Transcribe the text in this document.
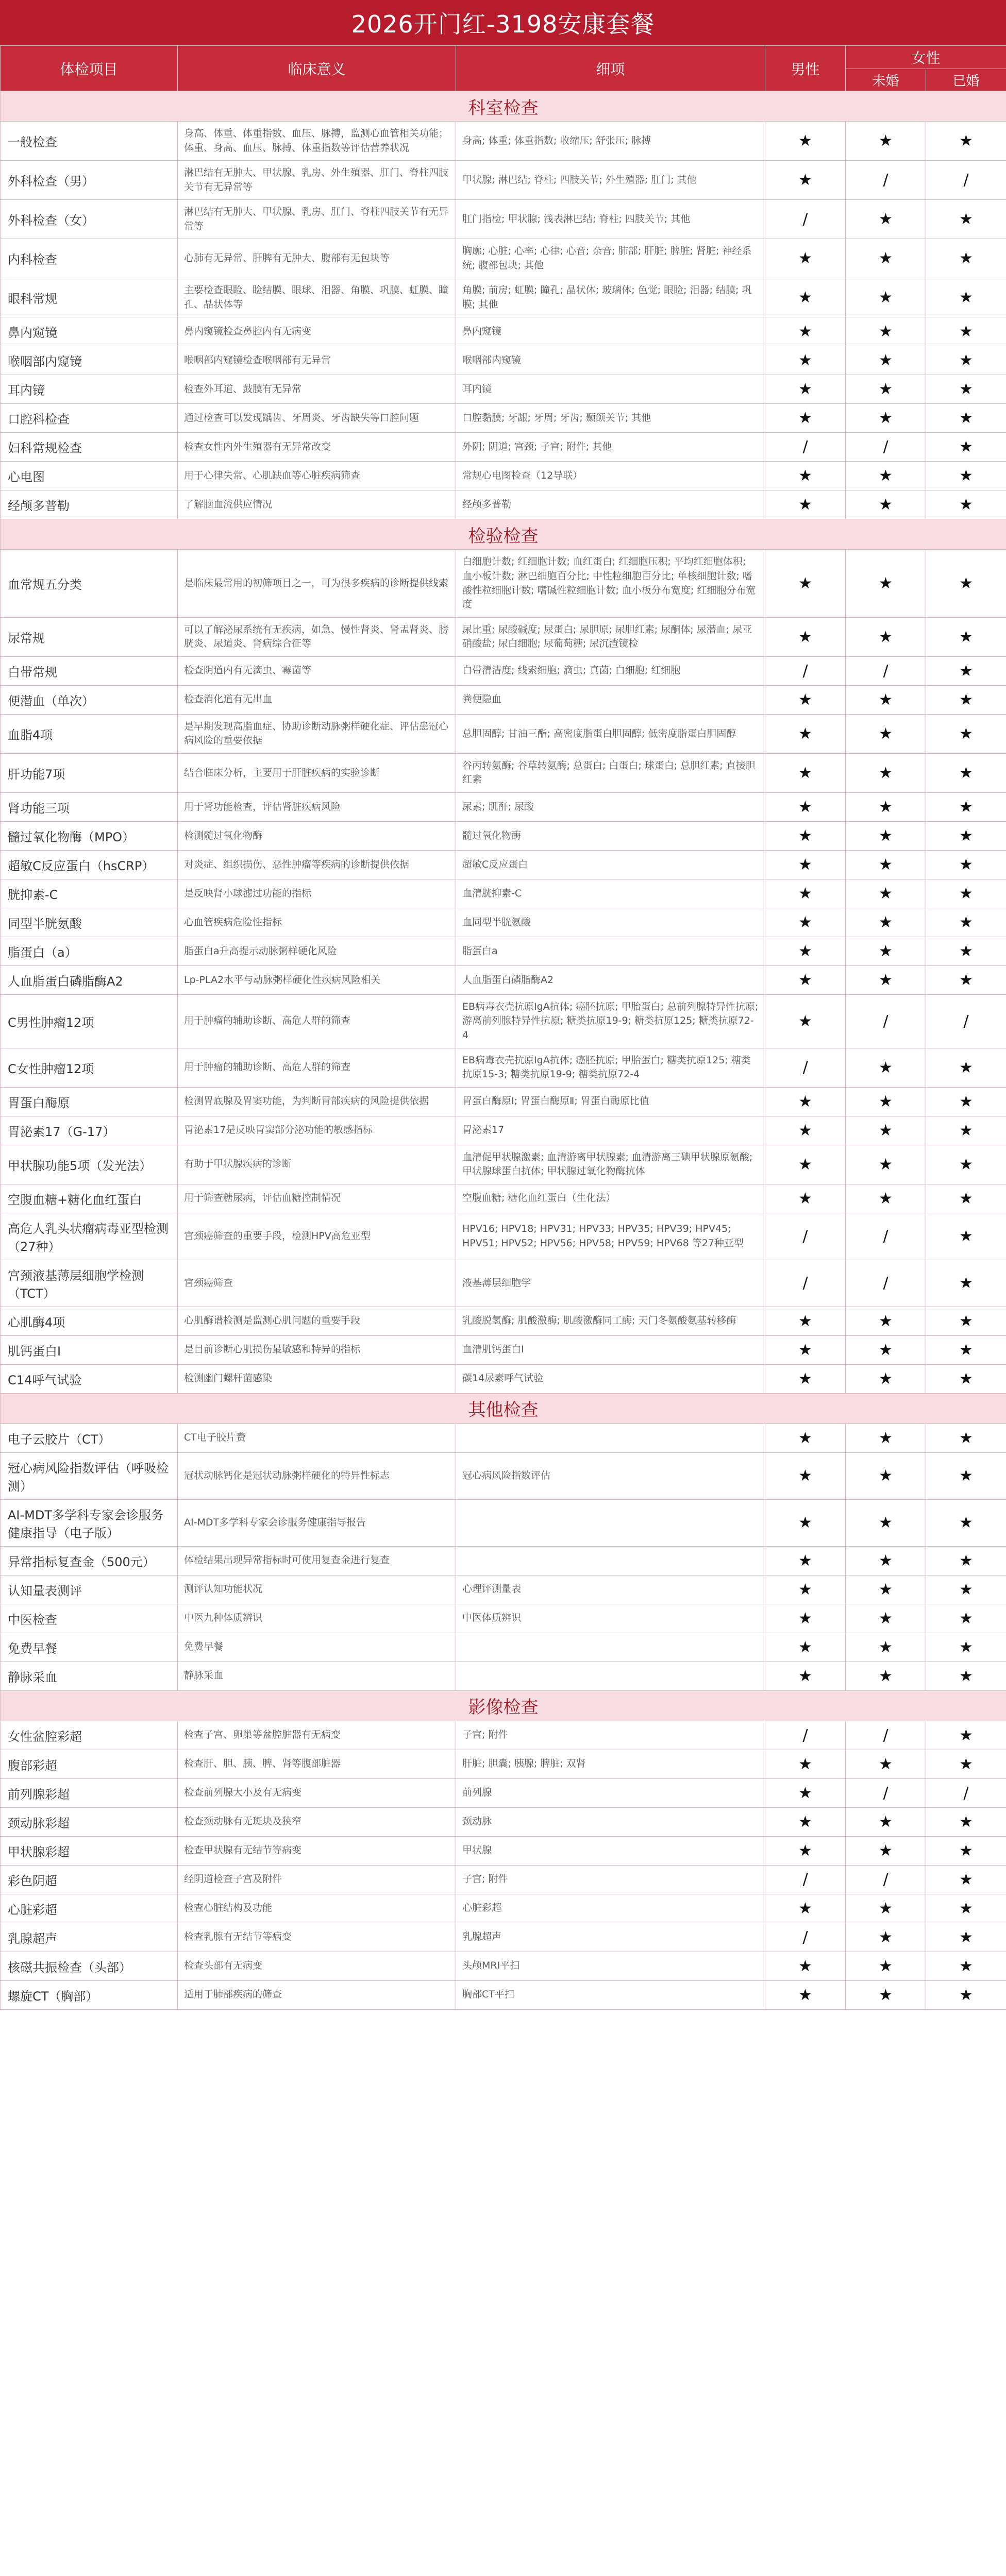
2026开门红-3198安康套餐
体检项目	临床意义	细项	男性	女性	
				未婚	已婚
科室检查					
一般检查	身高、体重、体重指数、血压、脉搏，监测心血管相关功能；体重、身高、血压、脉搏、体重指数等评估营养状况	身高; 体重; 体重指数; 收缩压; 舒张压; 脉搏	★	★	★
外科检查（男）	淋巴结有无肿大、甲状腺、乳房、外生殖器、肛门、脊柱四肢关节有无异常等	甲状腺; 淋巴结; 脊柱; 四肢关节; 外生殖器; 肛门; 其他	★	/	/
外科检查（女）	淋巴结有无肿大、甲状腺、乳房、肛门、脊柱四肢关节有无异常等	肛门指检; 甲状腺; 浅表淋巴结; 脊柱; 四肢关节; 其他	/	★	★
内科检查	心肺有无异常、肝脾有无肿大、腹部有无包块等	胸廓; 心脏; 心率; 心律; 心音; 杂音; 肺部; 肝脏; 脾脏; 肾脏; 神经系统; 腹部包块; 其他	★	★	★
眼科常规	主要检查眼睑、睑结膜、眼球、泪器、角膜、巩膜、虹膜、瞳孔、晶状体等	角膜; 前房; 虹膜; 瞳孔; 晶状体; 玻璃体; 色觉; 眼睑; 泪器; 结膜; 巩膜; 其他	★	★	★
鼻内窥镜	鼻内窥镜检查鼻腔内有无病变	鼻内窥镜	★	★	★
喉咽部内窥镜	喉咽部内窥镜检查喉咽部有无异常	喉咽部内窥镜	★	★	★
耳内镜	检查外耳道、鼓膜有无异常	耳内镜	★	★	★
口腔科检查	通过检查可以发现龋齿、牙周炎、牙齿缺失等口腔问题	口腔黏膜; 牙龈; 牙周; 牙齿; 颞颌关节; 其他	★	★	★
妇科常规检查	检查女性内外生殖器有无异常改变	外阴; 阴道; 宫颈; 子宫; 附件; 其他	/	/	★
心电图	用于心律失常、心肌缺血等心脏疾病筛查	常规心电图检查（12导联）	★	★	★
经颅多普勒	了解脑血流供应情况	经颅多普勒	★	★	★
检验检查					
血常规五分类	是临床最常用的初筛项目之一，可为很多疾病的诊断提供线索	白细胞计数; 红细胞计数; 血红蛋白; 红细胞压积; 平均红细胞体积; 血小板计数; 淋巴细胞百分比; 中性粒细胞百分比; 单核细胞计数; 嗜酸性粒细胞计数; 嗜碱性粒细胞计数; 血小板分布宽度; 红细胞分布宽度	★	★	★
尿常规	可以了解泌尿系统有无疾病，如急、慢性肾炎、肾盂肾炎、膀胱炎、尿道炎、肾病综合征等	尿比重; 尿酸碱度; 尿蛋白; 尿胆原; 尿胆红素; 尿酮体; 尿潜血; 尿亚硝酸盐; 尿白细胞; 尿葡萄糖; 尿沉渣镜检	★	★	★
白带常规	检查阴道内有无滴虫、霉菌等	白带清洁度; 线索细胞; 滴虫; 真菌; 白细胞; 红细胞	/	/	★
便潜血（单次）	检查消化道有无出血	粪便隐血	★	★	★
血脂4项	是早期发现高脂血症、协助诊断动脉粥样硬化症、评估患冠心病风险的重要依据	总胆固醇; 甘油三酯; 高密度脂蛋白胆固醇; 低密度脂蛋白胆固醇	★	★	★
肝功能7项	结合临床分析，主要用于肝脏疾病的实验诊断	谷丙转氨酶; 谷草转氨酶; 总蛋白; 白蛋白; 球蛋白; 总胆红素; 直接胆红素	★	★	★
肾功能三项	用于肾功能检查，评估肾脏疾病风险	尿素; 肌酐; 尿酸	★	★	★
髓过氧化物酶（MPO）	检测髓过氧化物酶	髓过氧化物酶	★	★	★
超敏C反应蛋白（hsCRP）	对炎症、组织损伤、恶性肿瘤等疾病的诊断提供依据	超敏C反应蛋白	★	★	★
胱抑素-C	是反映肾小球滤过功能的指标	血清胱抑素-C	★	★	★
同型半胱氨酸	心血管疾病危险性指标	血同型半胱氨酸	★	★	★
脂蛋白（a）	脂蛋白a升高提示动脉粥样硬化风险	脂蛋白a	★	★	★
人血脂蛋白磷脂酶A2	Lp-PLA2水平与动脉粥样硬化性疾病风险相关	人血脂蛋白磷脂酶A2	★	★	★
C男性肿瘤12项	用于肿瘤的辅助诊断、高危人群的筛查	EB病毒衣壳抗原IgA抗体; 癌胚抗原; 甲胎蛋白; 总前列腺特异性抗原; 游离前列腺特异性抗原; 糖类抗原19-9; 糖类抗原125; 糖类抗原72-4	★	/	/
C女性肿瘤12项	用于肿瘤的辅助诊断、高危人群的筛查	EB病毒衣壳抗原IgA抗体; 癌胚抗原; 甲胎蛋白; 糖类抗原125; 糖类抗原15-3; 糖类抗原19-9; 糖类抗原72-4	/	★	★
胃蛋白酶原	检测胃底腺及胃窦功能，为判断胃部疾病的风险提供依据	胃蛋白酶原Ⅰ; 胃蛋白酶原Ⅱ; 胃蛋白酶原比值	★	★	★
胃泌素17（G-17）	胃泌素17是反映胃窦部分泌功能的敏感指标	胃泌素17	★	★	★
甲状腺功能5项（发光法）	有助于甲状腺疾病的诊断	血清促甲状腺激素; 血清游离甲状腺素; 血清游离三碘甲状腺原氨酸; 甲状腺球蛋白抗体; 甲状腺过氧化物酶抗体	★	★	★
空腹血糖+糖化血红蛋白	用于筛查糖尿病，评估血糖控制情况	空腹血糖; 糖化血红蛋白（生化法）	★	★	★
高危人乳头状瘤病毒亚型检测（27种）	宫颈癌筛查的重要手段，检测HPV高危亚型	HPV16; HPV18; HPV31; HPV33; HPV35; HPV39; HPV45; HPV51; HPV52; HPV56; HPV58; HPV59; HPV68 等27种亚型	/	/	★
宫颈液基薄层细胞学检测（TCT）	宫颈癌筛查	液基薄层细胞学	/	/	★
心肌酶4项	心肌酶谱检测是监测心肌问题的重要手段	乳酸脱氢酶; 肌酸激酶; 肌酸激酶同工酶; 天门冬氨酸氨基转移酶	★	★	★
肌钙蛋白I	是目前诊断心肌损伤最敏感和特异的指标	血清肌钙蛋白I	★	★	★
C14呼气试验	检测幽门螺杆菌感染	碳14尿素呼气试验	★	★	★
其他检查					
电子云胶片（CT）	CT电子胶片费		★	★	★
冠心病风险指数评估（呼吸检测）	冠状动脉钙化是冠状动脉粥样硬化的特异性标志	冠心病风险指数评估	★	★	★
AI-MDT多学科专家会诊服务健康指导（电子版）	AI-MDT多学科专家会诊服务健康指导报告		★	★	★
异常指标复查金（500元）	体检结果出现异常指标时可使用复查金进行复查		★	★	★
认知量表测评	测评认知功能状况	心理评测量表	★	★	★
中医检查	中医九种体质辨识	中医体质辨识	★	★	★
免费早餐	免费早餐		★	★	★
静脉采血	静脉采血		★	★	★
影像检查					
女性盆腔彩超	检查子宫、卵巢等盆腔脏器有无病变	子宫; 附件	/	/	★
腹部彩超	检查肝、胆、胰、脾、肾等腹部脏器	肝脏; 胆囊; 胰腺; 脾脏; 双肾	★	★	★
前列腺彩超	检查前列腺大小及有无病变	前列腺	★	/	/
颈动脉彩超	检查颈动脉有无斑块及狭窄	颈动脉	★	★	★
甲状腺彩超	检查甲状腺有无结节等病变	甲状腺	★	★	★
彩色阴超	经阴道检查子宫及附件	子宫; 附件	/	/	★
心脏彩超	检查心脏结构及功能	心脏彩超	★	★	★
乳腺超声	检查乳腺有无结节等病变	乳腺超声	/	★	★
核磁共振检查（头部）	检查头部有无病变	头颅MRI平扫	★	★	★
螺旋CT（胸部）	适用于肺部疾病的筛查	胸部CT平扫	★	★	★
